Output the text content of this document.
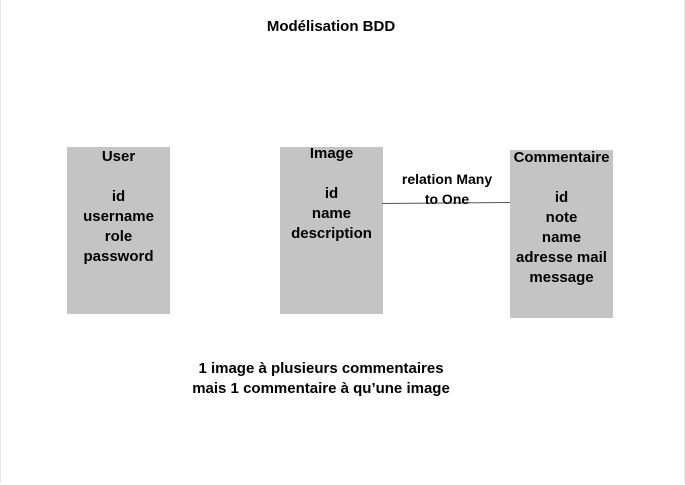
Modélisation BDD
User
id
username
role
password
Image
id
name
description
Commentaire
id
note
name
adresse mail
message
relation Many
to One
1 image à plusieurs commentaires
mais 1 commentaire à qu’une image
